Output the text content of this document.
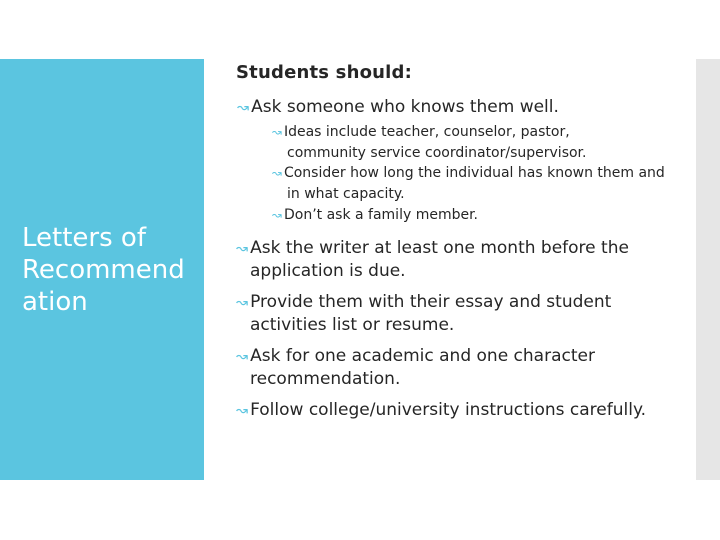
Letters of Recommend ation
Students should:
↝ Ask someone who knows them well.
↝ Ideas include teacher, counselor, pastor, community service coordinator/supervisor.
↝ Consider how long the individual has known them and in what capacity.
↝ Don’t ask a family member.
↝ Ask the writer at least one month before the application is due.
↝ Provide them with their essay and student activities list or resume.
↝ Ask for one academic and one character recommendation.
↝ Follow college/university instructions carefully.
